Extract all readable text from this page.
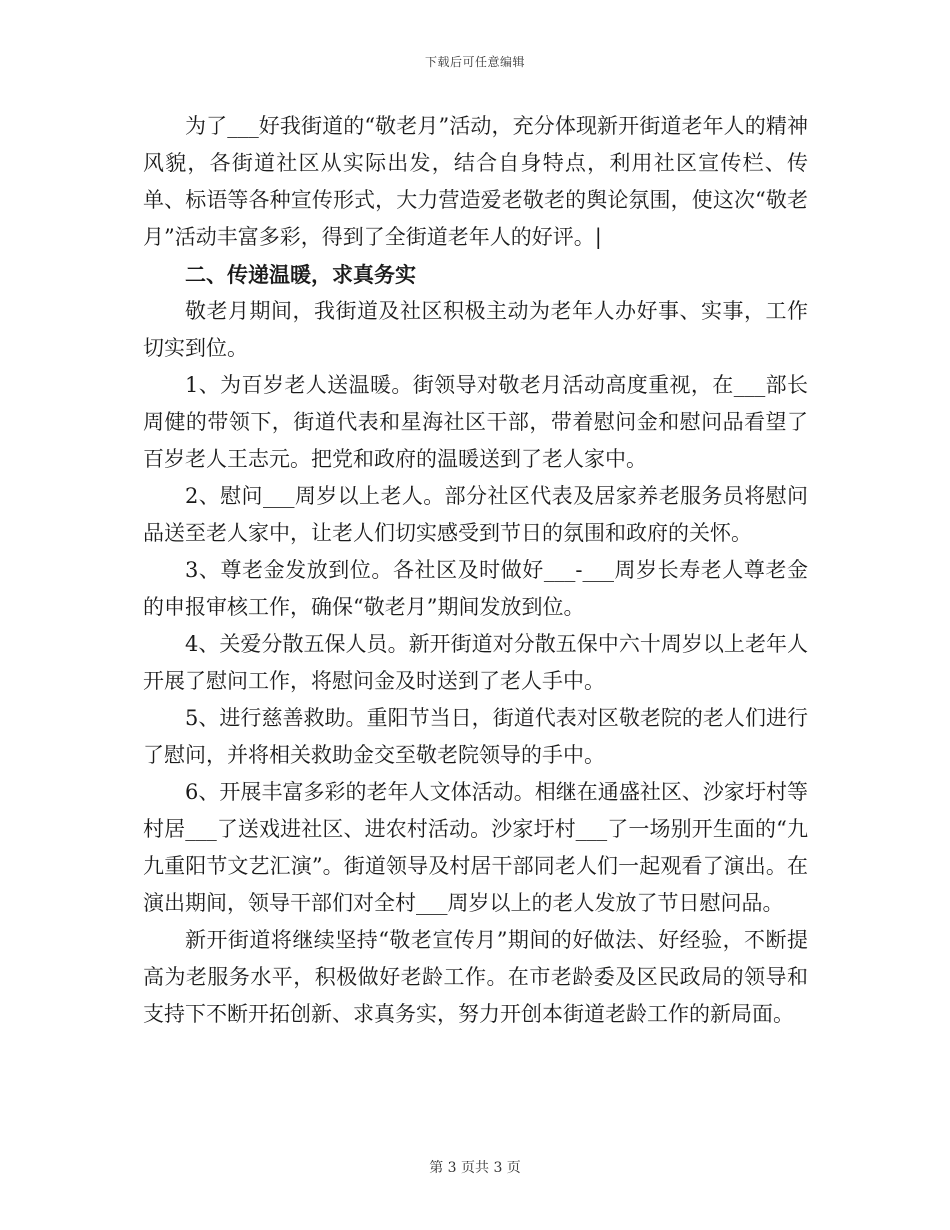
下载后可任意编辑

为了___好我街道的“敬老月”活动，充分体现新开街道老年人的精神风貌，各街道社区从实际出发，结合自身特点，利用社区宣传栏、传单、标语等各种宣传形式，大力营造爱老敬老的舆论氛围，使这次“敬老月”活动丰富多彩，得到了全街道老年人的好评。|

二、传递温暖，求真务实

敬老月期间，我街道及社区积极主动为老年人办好事、实事，工作切实到位。

1、为百岁老人送温暖。街领导对敬老月活动高度重视，在___部长周健的带领下，街道代表和星海社区干部，带着慰问金和慰问品看望了百岁老人王志元。把党和政府的温暖送到了老人家中。

2、慰问___周岁以上老人。部分社区代表及居家养老服务员将慰问品送至老人家中，让老人们切实感受到节日的氛围和政府的关怀。

3、尊老金发放到位。各社区及时做好___-___周岁长寿老人尊老金的申报审核工作，确保“敬老月”期间发放到位。

4、关爱分散五保人员。新开街道对分散五保中六十周岁以上老年人开展了慰问工作，将慰问金及时送到了老人手中。

5、进行慈善救助。重阳节当日，街道代表对区敬老院的老人们进行了慰问，并将相关救助金交至敬老院领导的手中。

6、开展丰富多彩的老年人文体活动。相继在通盛社区、沙家圩村等村居___了送戏进社区、进农村活动。沙家圩村___了一场别开生面的“九九重阳节文艺汇演”。街道领导及村居干部同老人们一起观看了演出。在演出期间，领导干部们对全村___周岁以上的老人发放了节日慰问品。

新开街道将继续坚持“敬老宣传月”期间的好做法、好经验，不断提高为老服务水平，积极做好老龄工作。在市老龄委及区民政局的领导和支持下不断开拓创新、求真务实，努力开创本街道老龄工作的新局面。

第 3 页共 3 页
